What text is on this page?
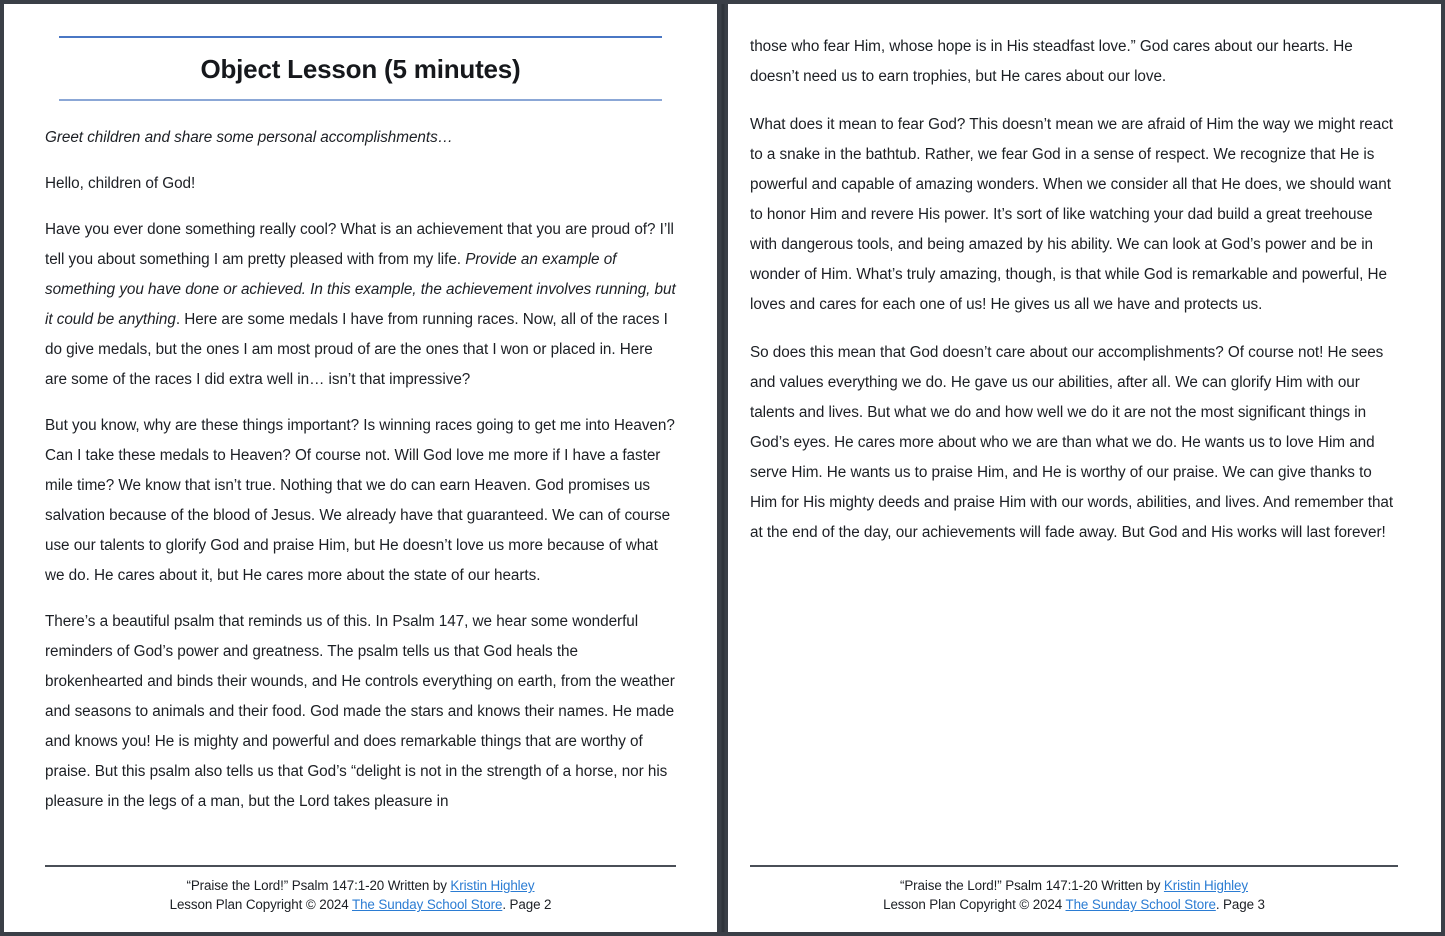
Object Lesson (5 minutes)

Greet children and share some personal accomplishments…

Hello, children of God!

Have you ever done something really cool? What is an achievement that you are proud of? I’ll tell you about something I am pretty pleased with from my life. Provide an example of something you have done or achieved. In this example, the achievement involves running, but it could be anything. Here are some medals I have from running races. Now, all of the races I do give medals, but the ones I am most proud of are the ones that I won or placed in. Here are some of the races I did extra well in… isn’t that impressive?

But you know, why are these things important? Is winning races going to get me into Heaven? Can I take these medals to Heaven? Of course not. Will God love me more if I have a faster mile time? We know that isn’t true. Nothing that we do can earn Heaven. God promises us salvation because of the blood of Jesus. We already have that guaranteed. We can of course use our talents to glorify God and praise Him, but He doesn’t love us more because of what we do. He cares about it, but He cares more about the state of our hearts.

There’s a beautiful psalm that reminds us of this. In Psalm 147, we hear some wonderful reminders of God’s power and greatness. The psalm tells us that God heals the brokenhearted and binds their wounds, and He controls everything on earth, from the weather and seasons to animals and their food. God made the stars and knows their names. He made and knows you! He is mighty and powerful and does remarkable things that are worthy of praise. But this psalm also tells us that God’s “delight is not in the strength of a horse, nor his pleasure in the legs of a man, but the Lord takes pleasure in

“Praise the Lord!” Psalm 147:1-20 Written by Kristin Highley
Lesson Plan Copyright © 2024 The Sunday School Store. Page 2

those who fear Him, whose hope is in His steadfast love.” God cares about our hearts. He doesn’t need us to earn trophies, but He cares about our love.

What does it mean to fear God? This doesn’t mean we are afraid of Him the way we might react to a snake in the bathtub. Rather, we fear God in a sense of respect. We recognize that He is powerful and capable of amazing wonders. When we consider all that He does, we should want to honor Him and revere His power. It’s sort of like watching your dad build a great treehouse with dangerous tools, and being amazed by his ability. We can look at God’s power and be in wonder of Him. What’s truly amazing, though, is that while God is remarkable and powerful, He loves and cares for each one of us! He gives us all we have and protects us.

So does this mean that God doesn’t care about our accomplishments? Of course not! He sees and values everything we do. He gave us our abilities, after all. We can glorify Him with our talents and lives. But what we do and how well we do it are not the most significant things in God’s eyes. He cares more about who we are than what we do. He wants us to love Him and serve Him. He wants us to praise Him, and He is worthy of our praise. We can give thanks to Him for His mighty deeds and praise Him with our words, abilities, and lives. And remember that at the end of the day, our achievements will fade away. But God and His works will last forever!

“Praise the Lord!” Psalm 147:1-20 Written by Kristin Highley
Lesson Plan Copyright © 2024 The Sunday School Store. Page 3
